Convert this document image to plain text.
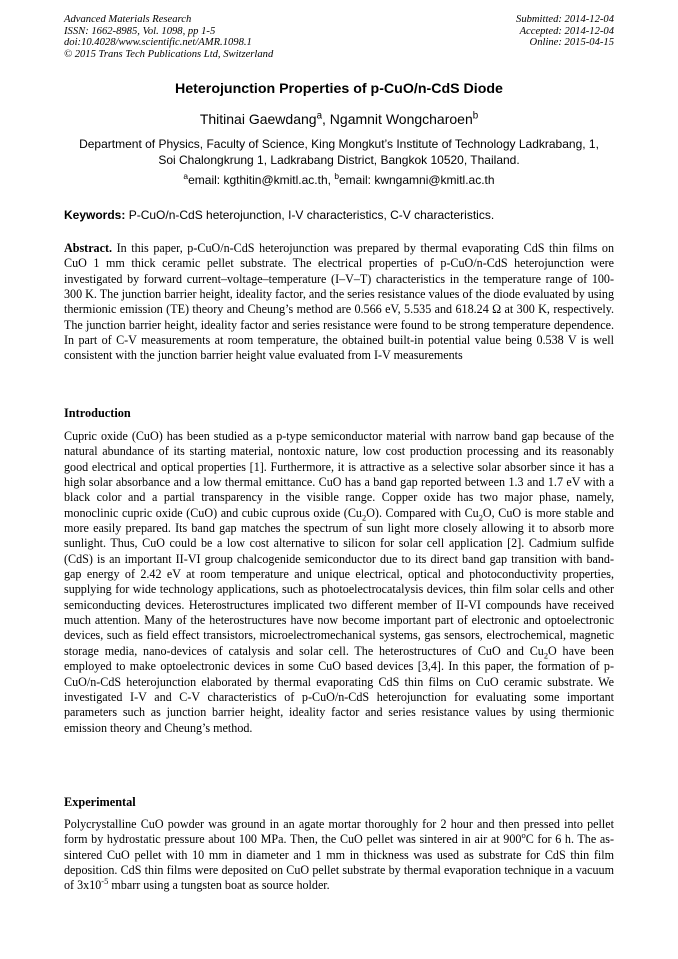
Advanced Materials Research
ISSN: 1662-8985, Vol. 1098, pp 1-5
doi:10.4028/www.scientific.net/AMR.1098.1
© 2015 Trans Tech Publications Ltd, Switzerland
Submitted: 2014-12-04
Accepted: 2014-12-04
Online: 2015-04-15
Heterojunction Properties of p-CuO/n-CdS Diode
Thitinai Gaewdang$^a$, Ngamnit Wongcharoen$^b$
Department of Physics, Faculty of Science, King Mongkut’s Institute of Technology Ladkrabang, 1,
Soi Chalongkrung 1, Ladkrabang District, Bangkok 10520, Thailand.
$^a$email: kgthitin@kmitl.ac.th, $^b$email: kwngamni@kmitl.ac.th
Keywords: P-CuO/n-CdS heterojunction, I-V characteristics, C-V characteristics.
Abstract. In this paper, p-CuO/n-CdS heterojunction was prepared by thermal evaporating CdS thin films on CuO 1 mm thick ceramic pellet substrate. The electrical properties of p-CuO/n-CdS heterojunction were investigated by forward current–voltage–temperature (I–V–T) characteristics in the temperature range of 100-300 K. The junction barrier height, ideality factor, and the series resistance values of the diode evaluated by using thermionic emission (TE) theory and Cheung’s method are 0.566 eV, 5.535 and 618.24 Ω at 300 K, respectively. The junction barrier height, ideality factor and series resistance were found to be strong temperature dependence. In part of C-V measurements at room temperature, the obtained built-in potential value being 0.538 V is well consistent with the junction barrier height value evaluated from I-V measurements
Introduction
Cupric oxide (CuO) has been studied as a p-type semiconductor material with narrow band gap because of the natural abundance of its starting material, nontoxic nature, low cost production processing and its reasonably good electrical and optical properties [1]. Furthermore, it is attractive as a selective solar absorber since it has a high solar absorbance and a low thermal emittance. CuO has a band gap reported between 1.3 and 1.7 eV with a black color and a partial transparency in the visible range. Copper oxide has two major phase, namely, monoclinic cupric oxide (CuO) and cubic cuprous oxide $(Cu_2O)$. Compared with $Cu_2O$, CuO is more stable and more easily prepared. Its band gap matches the spectrum of sun light more closely allowing it to absorb more sunlight. Thus, CuO could be a low cost alternative to silicon for solar cell application [2]. Cadmium sulfide (CdS) is an important II-VI group chalcogenide semiconductor due to its direct band gap transition with band-gap energy of 2.42 eV at room temperature and unique electrical, optical and photoconductivity properties, supplying for wide technology applications, such as photoelectrocatalysis devices, thin film solar cells and other semiconducting devices. Heterostructures implicated two different member of II-VI compounds have received much attention. Many of the heterostructures have now become important part of electronic and optoelectronic devices, such as field effect transistors, microelectromechanical systems, gas sensors, electrochemical, magnetic storage media, nano-devices of catalysis and solar cell. The heterostructures of CuO and $Cu_2O$ have been employed to make optoelectronic devices in some CuO based devices [3,4]. In this paper, the formation of p-CuO/n-CdS heterojunction elaborated by thermal evaporating CdS thin films on CuO ceramic substrate. We investigated I-V and C-V characteristics of p-CuO/n-CdS heterojunction for evaluating some important parameters such as junction barrier height, ideality factor and series resistance values by using thermionic emission theory and Cheung’s method.
Experimental
Polycrystalline CuO powder was ground in an agate mortar thoroughly for 2 hour and then pressed into pellet form by hydrostatic pressure about 100 MPa. Then, the CuO pellet was sintered in air at 900$^o$C for 6 h. The as-sintered CuO pellet with 10 mm in diameter and 1 mm in thickness was used as substrate for CdS thin film deposition. CdS thin films were deposited on CuO pellet substrate by thermal evaporation technique in a vacuum of $3x10^{-5}$ mbarr using a tungsten boat as source holder.
